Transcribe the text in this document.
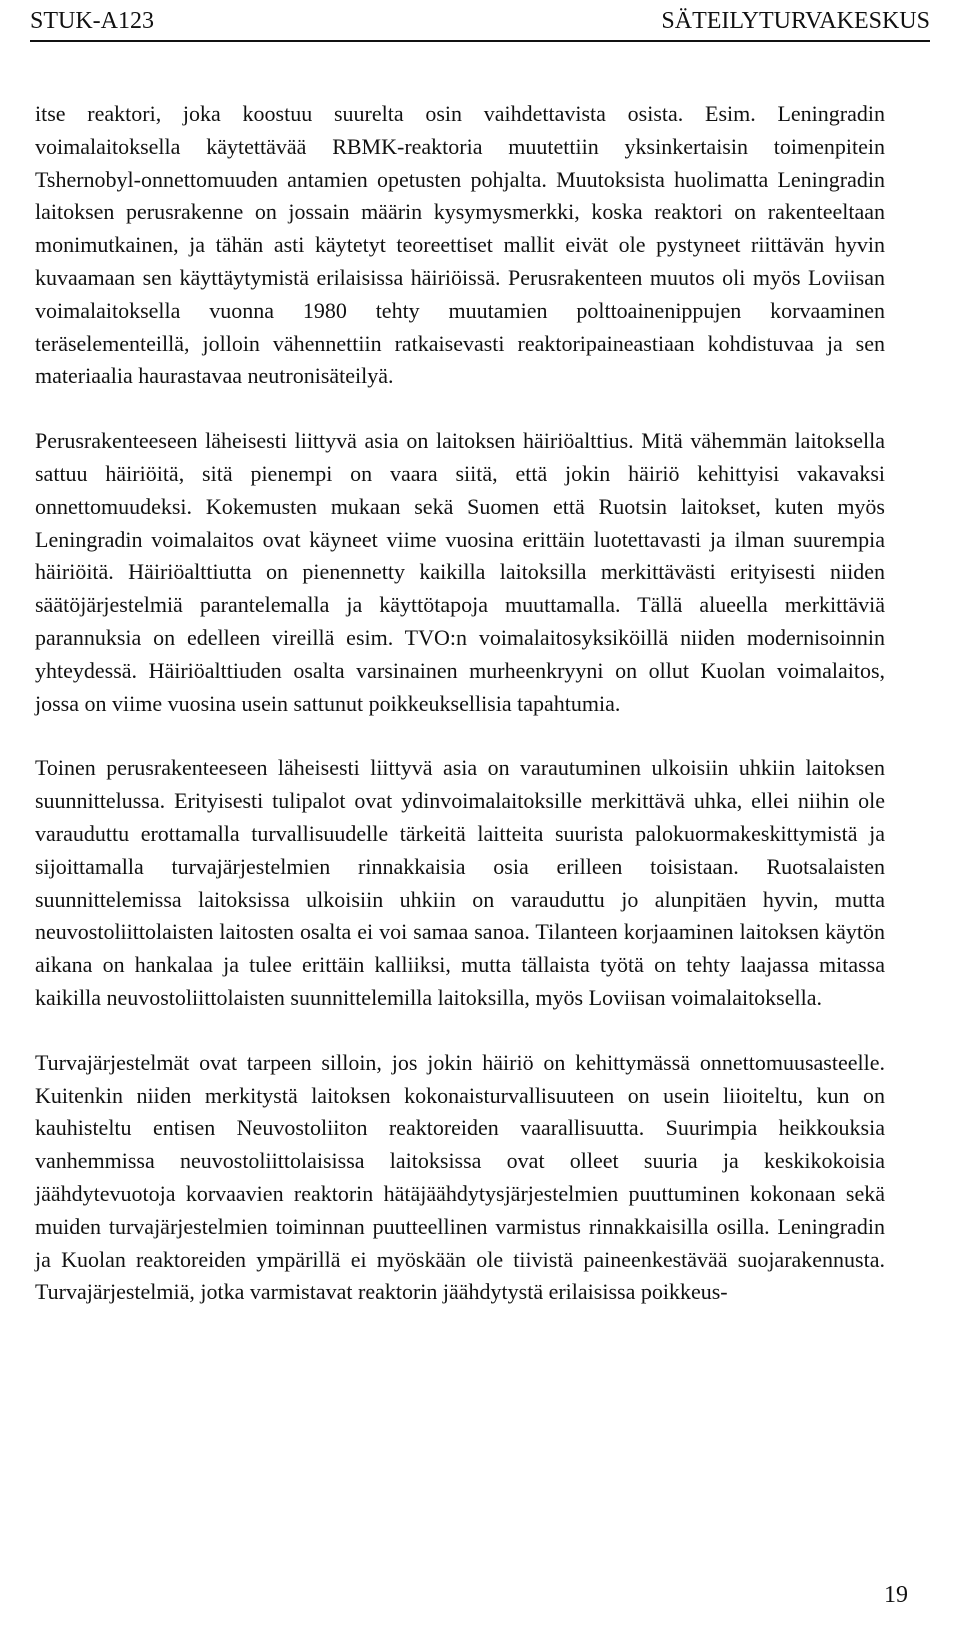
STUK-A123	SÄTEILYTURVAKESKUS

itse reaktori, joka koostuu suurelta osin vaihdettavista osista. Esim. Leningradin voimalaitoksella käytettävää RBMK-reaktoria muutettiin yksinkertaisin toimenpitein Tshernobyl-onnettomuuden antamien opetusten pohjalta. Muutoksista huolimatta Leningradin laitoksen perusrakenne on jossain määrin kysymysmerkki, koska reaktori on rakenteeltaan monimutkainen, ja tähän asti käytetyt teoreettiset mallit eivät ole pystyneet riittävän hyvin kuvaamaan sen käyttäytymistä erilaisissa häiriöissä. Perusrakenteen muutos oli myös Loviisan voimalaitoksella vuonna 1980 tehty muutamien polttoainenippujen korvaaminen teräselementeillä, jolloin vähennettiin ratkaisevasti reaktoripaineastiaan kohdistuvaa ja sen materiaalia haurastavaa neutronisäteilyä.

Perusrakenteeseen läheisesti liittyvä asia on laitoksen häiriöalttius. Mitä vähemmän laitoksella sattuu häiriöitä, sitä pienempi on vaara siitä, että jokin häiriö kehittyisi vakavaksi onnettomuudeksi. Kokemusten mukaan sekä Suomen että Ruotsin laitokset, kuten myös Leningradin voimalaitos ovat käyneet viime vuosina erittäin luotettavasti ja ilman suurempia häiriöitä. Häiriöalttiutta on pienennetty kaikilla laitoksilla merkittävästi erityisesti niiden säätöjärjestelmiä parantelemalla ja käyttötapoja muuttamalla. Tällä alueella merkittäviä parannuksia on edelleen vireillä esim. TVO:n voimalaitosyksiköillä niiden modernisoinnin yhteydessä. Häiriöalttiuden osalta varsinainen murheenkryyni on ollut Kuolan voimalaitos, jossa on viime vuosina usein sattunut poikkeuksellisia tapahtumia.

Toinen perusrakenteeseen läheisesti liittyvä asia on varautuminen ulkoisiin uhkiin laitoksen suunnittelussa. Erityisesti tulipalot ovat ydinvoimalaitoksille merkittävä uhka, ellei niihin ole varauduttu erottamalla turvallisuudelle tärkeitä laitteita suurista palokuormakeskittymistä ja sijoittamalla turvajärjestelmien rinnakkaisia osia erilleen toisistaan. Ruotsalaisten suunnittelemissa laitoksissa ulkoisiin uhkiin on varauduttu jo alunpitäen hyvin, mutta neuvostoliittolaisten laitosten osalta ei voi samaa sanoa. Tilanteen korjaaminen laitoksen käytön aikana on hankalaa ja tulee erittäin kalliiksi, mutta tällaista työtä on tehty laajassa mitassa kaikilla neuvostoliittolaisten suunnittelemilla laitoksilla, myös Loviisan voimalaitoksella.

Turvajärjestelmät ovat tarpeen silloin, jos jokin häiriö on kehittymässä onnettomuusasteelle. Kuitenkin niiden merkitystä laitoksen kokonaisturvallisuuteen on usein liioiteltu, kun on kauhisteltu entisen Neuvostoliiton reaktoreiden vaarallisuutta. Suurimpia heikkouksia vanhemmissa neuvostoliittolaisissa laitoksissa ovat olleet suuria ja keskikokoisia jäähdytevuotoja korvaavien reaktorin hätäjäähdytysjärjestelmien puuttuminen kokonaan sekä muiden turvajärjestelmien toiminnan puutteellinen varmistus rinnakkaisilla osilla. Leningradin ja Kuolan reaktoreiden ympärillä ei myöskään ole tiivistä paineenkestävää suojarakennusta. Turvajärjestelmiä, jotka varmistavat reaktorin jäähdytystä erilaisissa poikkeus-

19
